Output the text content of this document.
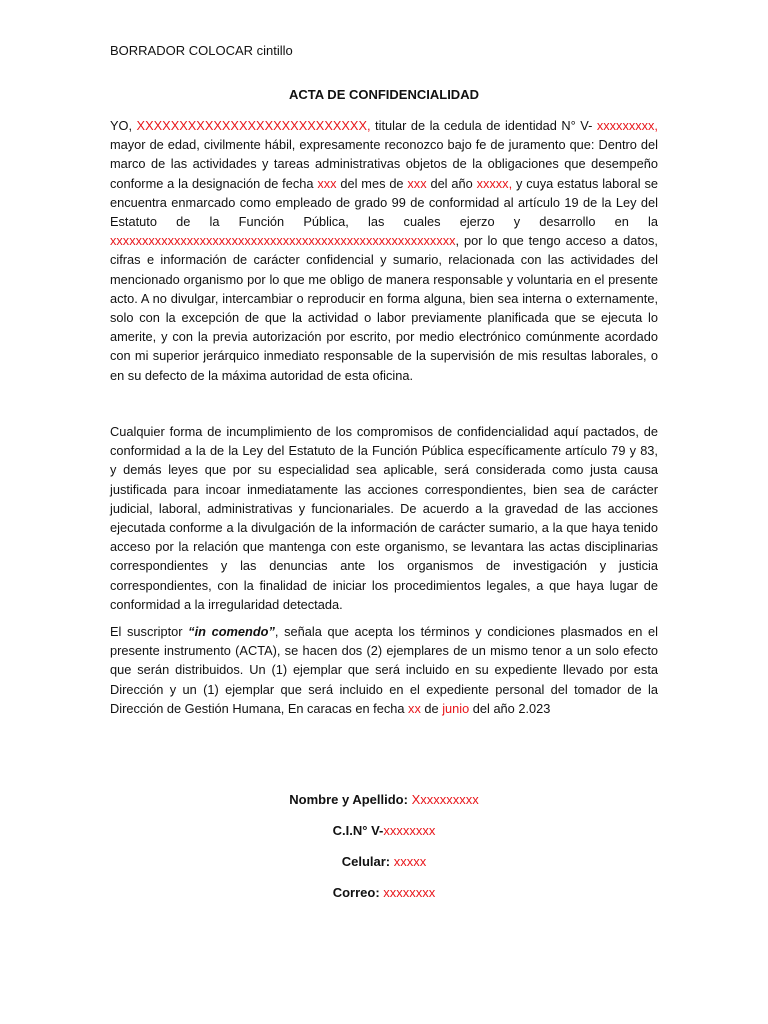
BORRADOR COLOCAR cintillo
ACTA DE CONFIDENCIALIDAD

YO, XXXXXXXXXXXXXXXXXXXXXXXXXXX, titular de la cedula de identidad N° V- xxxxxxxxx, mayor de edad, civilmente hábil, expresamente reconozco bajo fe de juramento que: Dentro del marco de las actividades y tareas administrativas objetos de la obligaciones que desempeño conforme a la designación de fecha xxx del mes de xxx del año xxxxx, y cuya estatus laboral se encuentra enmarcado como empleado de grado 99 de conformidad al artículo 19 de la Ley del Estatuto de la Función Pública, las cuales ejerzo y desarrollo en la xxxxxxxxxxxxxxxxxxxxxxxxxxxxxxxxxxxxxxxxxxxxxxxxxxxxxx, por lo que tengo acceso a datos, cifras e información de carácter confidencial y sumario, relacionada con las actividades del mencionado organismo por lo que me obligo de manera responsable y voluntaria en el presente acto. A no divulgar, intercambiar o reproducir en forma alguna, bien sea interna o externamente, solo con la excepción de que la actividad o labor previamente planificada que se ejecuta lo amerite, y con la previa autorización por escrito, por medio electrónico comúnmente acordado con mi superior jerárquico inmediato responsable de la supervisión de mis resultas laborales, o en su defecto de la máxima autoridad de esta oficina.

Cualquier forma de incumplimiento de los compromisos de confidencialidad aquí pactados, de conformidad a la de la Ley del Estatuto de la Función Pública específicamente artículo 79 y 83, y demás leyes que por su especialidad sea aplicable, será considerada como justa causa justificada para incoar inmediatamente las acciones correspondientes, bien sea de carácter judicial, laboral, administrativas y funcionariales. De acuerdo a la gravedad de las acciones ejecutada conforme a la divulgación de la información de carácter sumario, a la que haya tenido acceso por la relación que mantenga con este organismo, se levantara las actas disciplinarias correspondientes y las denuncias ante los organismos de investigación y justicia correspondientes, con la finalidad de iniciar los procedimientos legales, a que haya lugar de conformidad a la irregularidad detectada.

El suscriptor “in comendo”, señala que acepta los términos y condiciones plasmados en el presente instrumento (ACTA), se hacen dos (2) ejemplares de un mismo tenor a un solo efecto que serán distribuidos. Un (1) ejemplar que será incluido en su expediente llevado por esta Dirección y un (1) ejemplar que será incluido en el expediente personal del tomador de la Dirección de Gestión Humana, En caracas en fecha xx de junio del año 2.023

Nombre y Apellido: Xxxxxxxxxx
C.I.N° V-xxxxxxxx
Celular: xxxxx
Correo: xxxxxxxx
